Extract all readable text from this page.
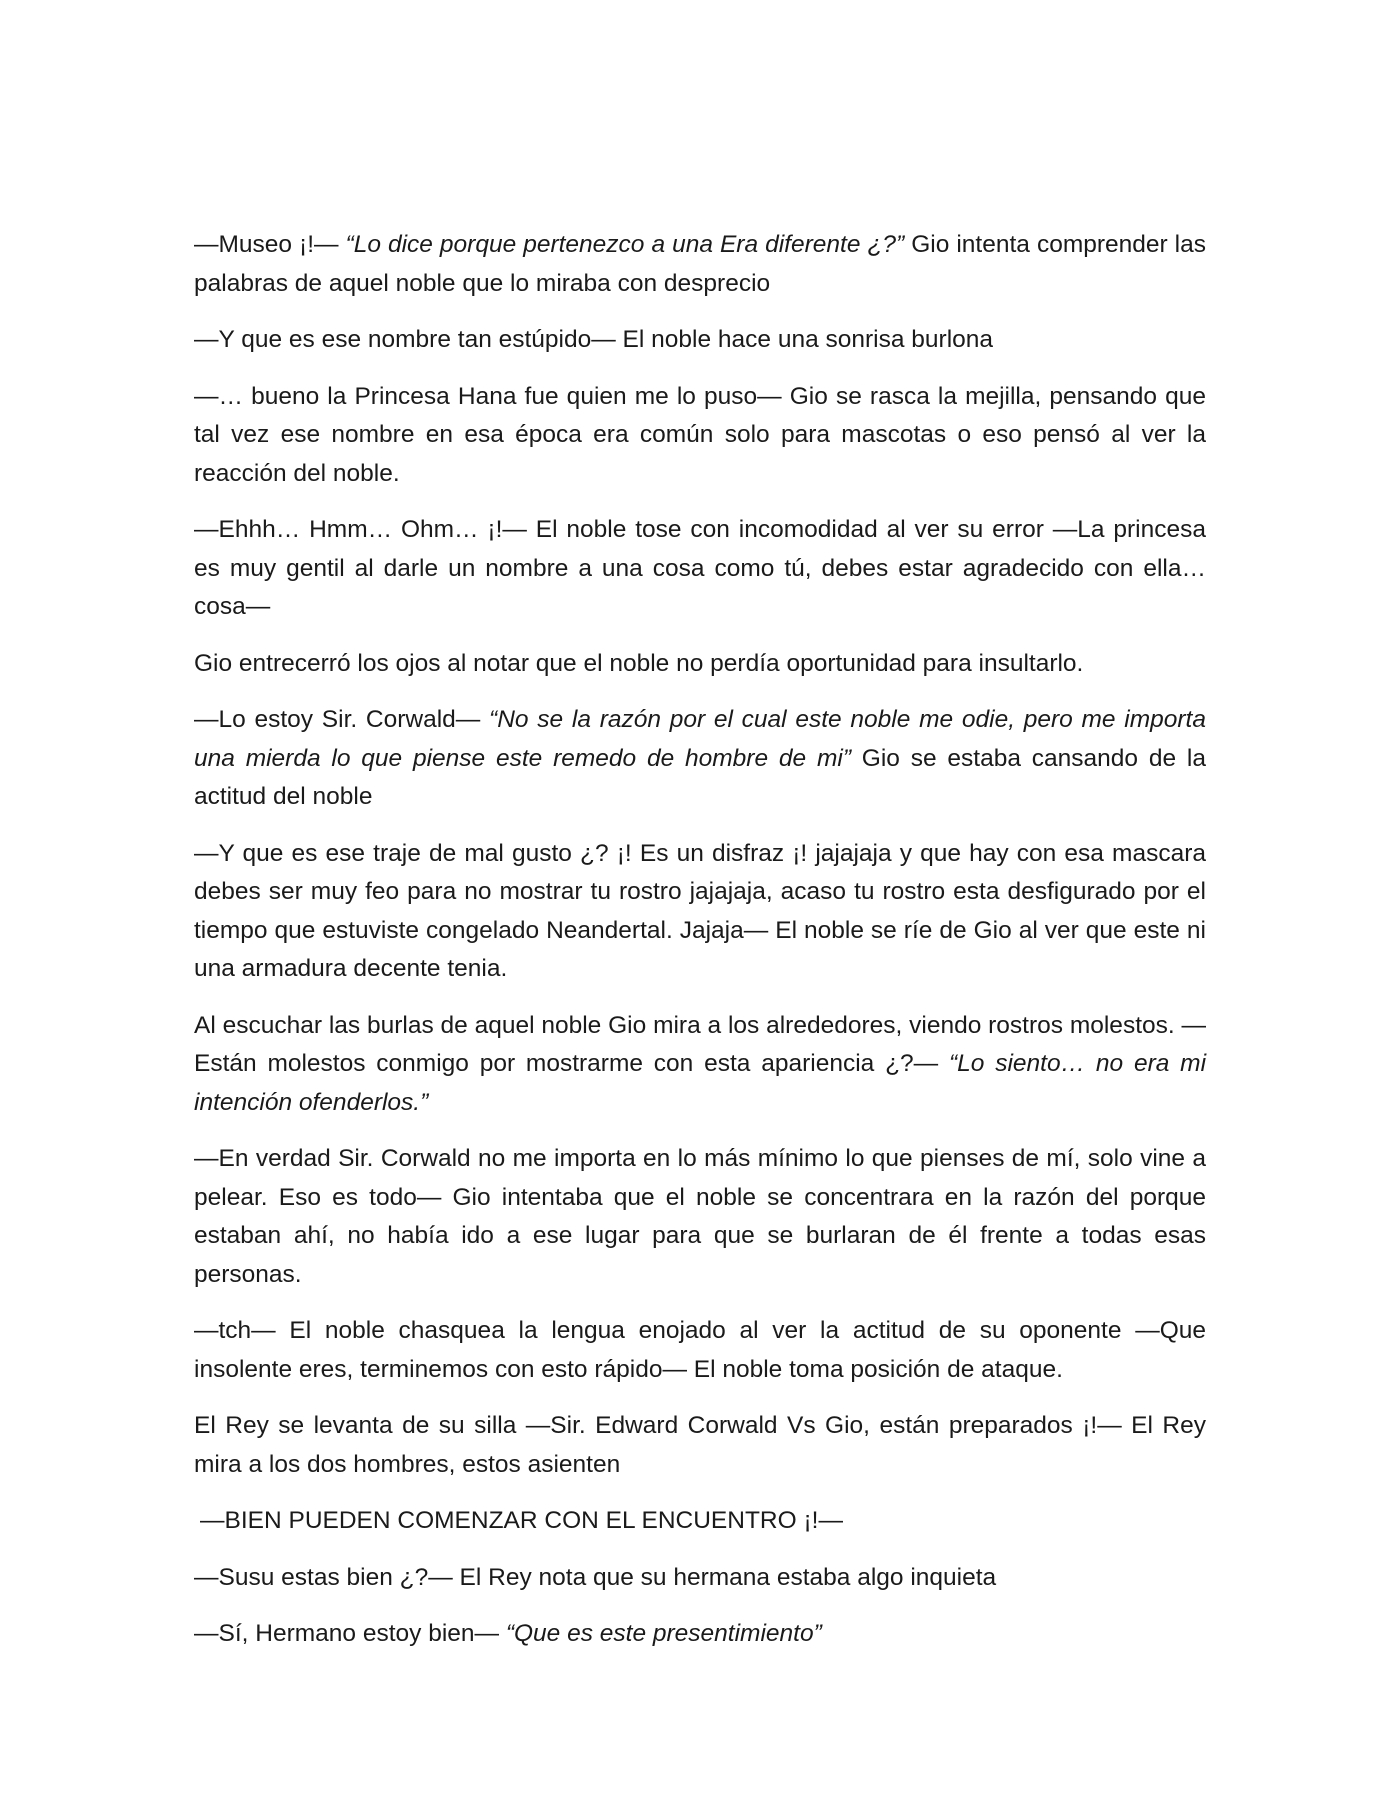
—Museo ¡!— “Lo dice porque pertenezco a una Era diferente ¿?” Gio intenta comprender las palabras de aquel noble que lo miraba con desprecio

—Y que es ese nombre tan estúpido— El noble hace una sonrisa burlona

—… bueno la Princesa Hana fue quien me lo puso— Gio se rasca la mejilla, pensando que tal vez ese nombre en esa época era común solo para mascotas o eso pensó al ver la reacción del noble.

—Ehhh… Hmm… Ohm… ¡!— El noble tose con incomodidad al ver su error —La princesa es muy gentil al darle un nombre a una cosa como tú, debes estar agradecido con ella… cosa—

Gio entrecerró los ojos al notar que el noble no perdía oportunidad para insultarlo.

—Lo estoy Sir. Corwald— “No se la razón por el cual este noble me odie, pero me importa una mierda lo que piense este remedo de hombre de mi” Gio se estaba cansando de la actitud del noble

—Y que es ese traje de mal gusto ¿? ¡! Es un disfraz ¡! jajajaja y que hay con esa mascara debes ser muy feo para no mostrar tu rostro jajajaja, acaso tu rostro esta desfigurado por el tiempo que estuviste congelado Neandertal. Jajaja— El noble se ríe de Gio al ver que este ni una armadura decente tenia.

Al escuchar las burlas de aquel noble Gio mira a los alrededores, viendo rostros molestos. —Están molestos conmigo por mostrarme con esta apariencia ¿?— “Lo siento… no era mi intención ofenderlos.”

—En verdad Sir. Corwald no me importa en lo más mínimo lo que pienses de mí, solo vine a pelear. Eso es todo— Gio intentaba que el noble se concentrara en la razón del porque estaban ahí, no había ido a ese lugar para que se burlaran de él frente a todas esas personas.

—tch— El noble chasquea la lengua enojado al ver la actitud de su oponente —Que insolente eres, terminemos con esto rápido— El noble toma posición de ataque.

El Rey se levanta de su silla —Sir. Edward Corwald Vs Gio, están preparados ¡!— El Rey mira a los dos hombres, estos asienten

—BIEN PUEDEN COMENZAR CON EL ENCUENTRO ¡!—

—Susu estas bien ¿?— El Rey nota que su hermana estaba algo inquieta

—Sí, Hermano estoy bien— “Que es este presentimiento”
